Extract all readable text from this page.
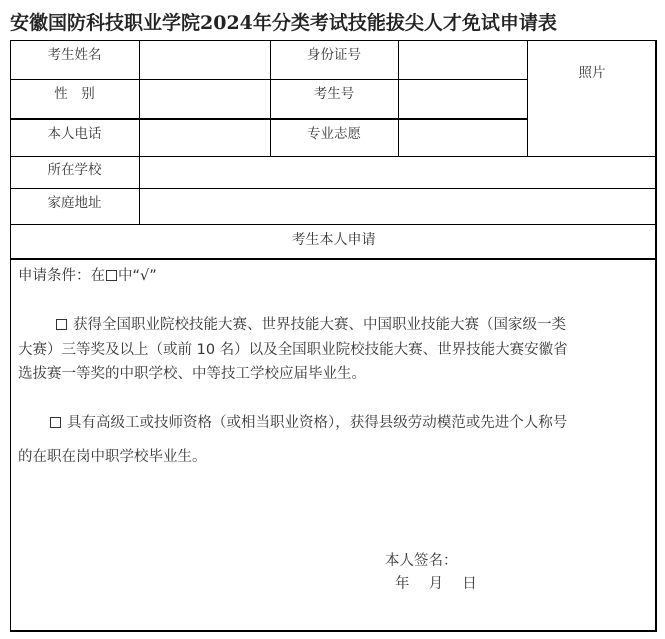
安徽国防科技职业学院2024年分类考试技能拔尖人才免试申请表
考生姓名	身份证号
性　别	考生号
本人电话	专业志愿
照片
所在学校
家庭地址
考生本人申请
申请条件：在 中“√”
获得全国职业院校技能大赛、世界技能大赛、中国职业技能大赛（国家级一类
大赛）三等奖及以上（或前 10 名）以及全国职业院校技能大赛、世界技能大赛安徽省
选拔赛一等奖的中职学校、中等技工学校应届毕业生。
具有高级工或技师资格（或相当职业资格），获得县级劳动模范或先进个人称号
的在职在岗中职学校毕业生。
本人签名：
年　 月　 日
